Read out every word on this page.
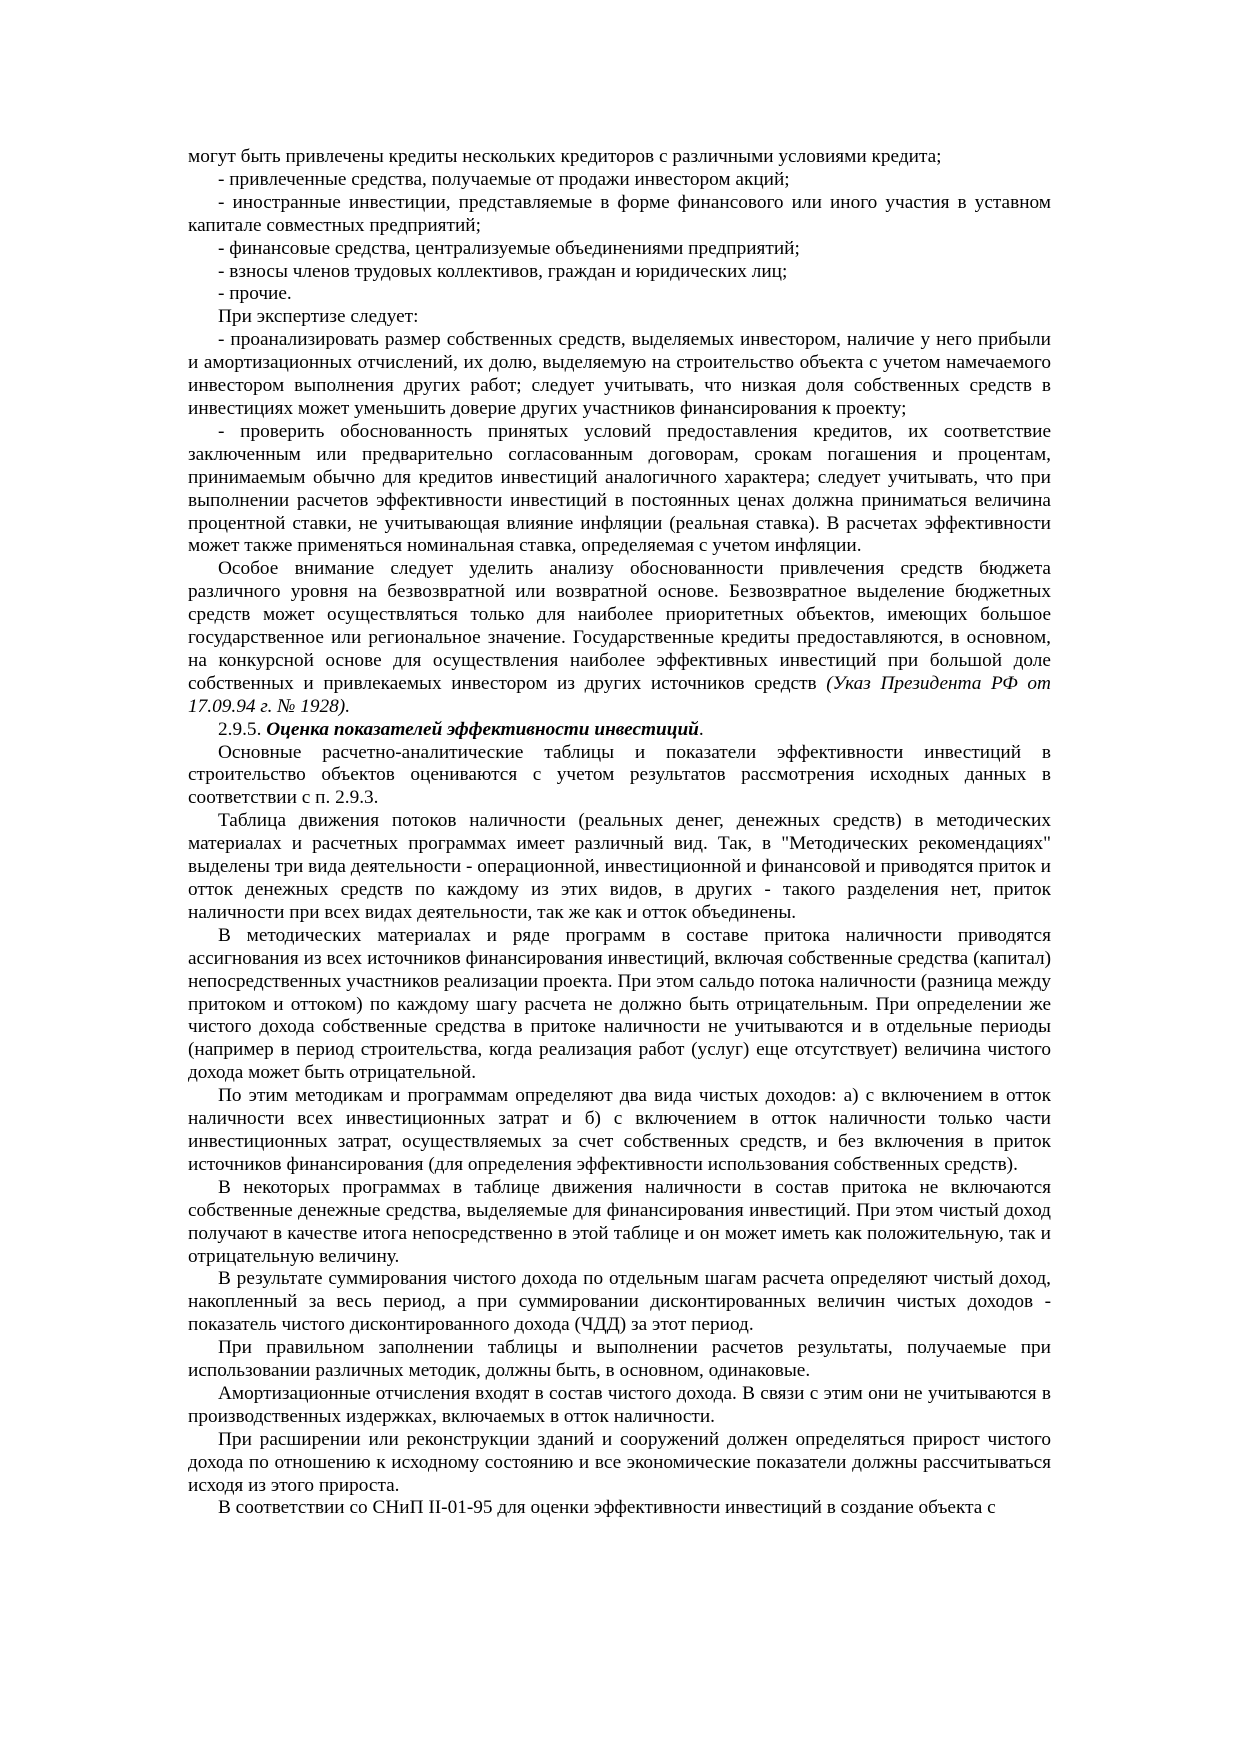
могут быть привлечены кредиты нескольких кредиторов с различными условиями кредита;

- привлеченные средства, получаемые от продажи инвестором акций;

- иностранные инвестиции, представляемые в форме финансового или иного участия в уставном капитале совместных предприятий;

- финансовые средства, централизуемые объединениями предприятий;

- взносы членов трудовых коллективов, граждан и юридических лиц;

- прочие.

При экспертизе следует:

- проанализировать размер собственных средств, выделяемых инвестором, наличие у него прибыли и амортизационных отчислений, их долю, выделяемую на строительство объекта с учетом намечаемого инвестором выполнения других работ; следует учитывать, что низкая доля собственных средств в инвестициях может уменьшить доверие других участников финансирования к проекту;

- проверить обоснованность принятых условий предоставления кредитов, их соответствие заключенным или предварительно согласованным договорам, срокам погашения и процентам, принимаемым обычно для кредитов инвестиций аналогичного характера; следует учитывать, что при выполнении расчетов эффективности инвестиций в постоянных ценах должна приниматься величина процентной ставки, не учитывающая влияние инфляции (реальная ставка). В расчетах эффективности может также применяться номинальная ставка, определяемая с учетом инфляции.

Особое внимание следует уделить анализу обоснованности привлечения средств бюджета различного уровня на безвозвратной или возвратной основе. Безвозвратное выделение бюджетных средств может осуществляться только для наиболее приоритетных объектов, имеющих большое государственное или региональное значение. Государственные кредиты предоставляются, в основном, на конкурсной основе для осуществления наиболее эффективных инвестиций при большой доле собственных и привлекаемых инвестором из других источников средств (Указ Президента РФ от 17.09.94 г. № 1928).

2.9.5. Оценка показателей эффективности инвестиций.

Основные расчетно-аналитические таблицы и показатели эффективности инвестиций в строительство объектов оцениваются с учетом результатов рассмотрения исходных данных в соответствии с п. 2.9.3.

Таблица движения потоков наличности (реальных денег, денежных средств) в методических материалах и расчетных программах имеет различный вид. Так, в "Методических рекомендациях" выделены три вида деятельности - операционной, инвестиционной и финансовой и приводятся приток и отток денежных средств по каждому из этих видов, в других - такого разделения нет, приток наличности при всех видах деятельности, так же как и отток объединены.

В методических материалах и ряде программ в составе притока наличности приводятся ассигнования из всех источников финансирования инвестиций, включая собственные средства (капитал) непосредственных участников реализации проекта. При этом сальдо потока наличности (разница между притоком и оттоком) по каждому шагу расчета не должно быть отрицательным. При определении же чистого дохода собственные средства в притоке наличности не учитываются и в отдельные периоды (например в период строительства, когда реализация работ (услуг) еще отсутствует) величина чистого дохода может быть отрицательной.

По этим методикам и программам определяют два вида чистых доходов: а) с включением в отток наличности всех инвестиционных затрат и б) с включением в отток наличности только части инвестиционных затрат, осуществляемых за счет собственных средств, и без включения в приток источников финансирования (для определения эффективности использования собственных средств).

В некоторых программах в таблице движения наличности в состав притока не включаются собственные денежные средства, выделяемые для финансирования инвестиций. При этом чистый доход получают в качестве итога непосредственно в этой таблице и он может иметь как положительную, так и отрицательную величину.

В результате суммирования чистого дохода по отдельным шагам расчета определяют чистый доход, накопленный за весь период, а при суммировании дисконтированных величин чистых доходов - показатель чистого дисконтированного дохода (ЧДД) за этот период.

При правильном заполнении таблицы и выполнении расчетов результаты, получаемые при использовании различных методик, должны быть, в основном, одинаковые.

Амортизационные отчисления входят в состав чистого дохода. В связи с этим они не учитываются в производственных издержках, включаемых в отток наличности.

При расширении или реконструкции зданий и сооружений должен определяться прирост чистого дохода по отношению к исходному состоянию и все экономические показатели должны рассчитываться исходя из этого прироста.

В соответствии со СНиП II-01-95 для оценки эффективности инвестиций в создание объекта с
